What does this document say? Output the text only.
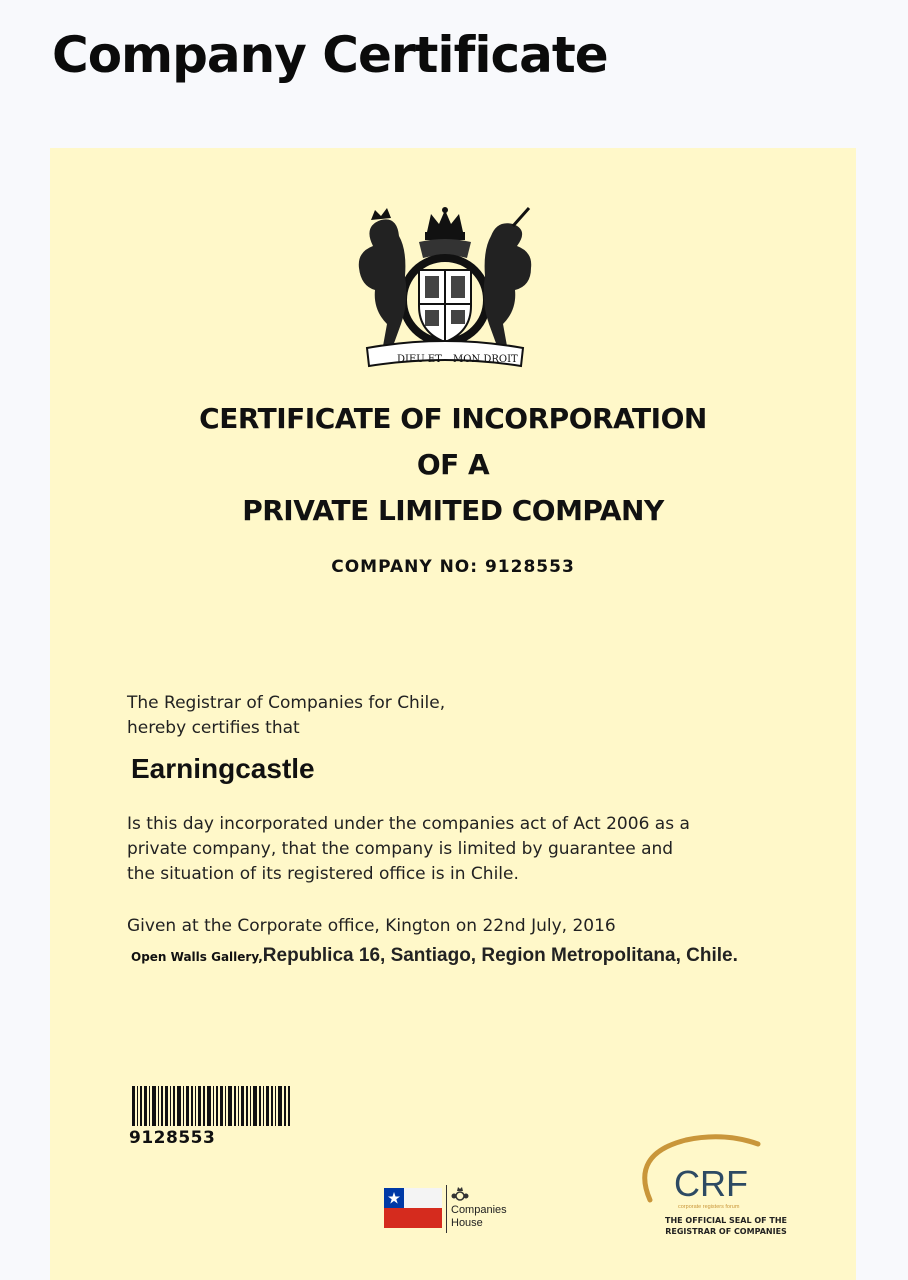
Company Certificate
DIEU ET MON DROIT
CERTIFICATE OF INCORPORATION
OF A
PRIVATE LIMITED COMPANY
COMPANY NO: 9128553
The Registrar of Companies for Chile,
hereby certifies that
Earningcastle
Is this day incorporated under the companies act of Act 2006 as a
private company, that the company is limited by guarantee and
the situation of its registered office is in Chile.
Given at the Corporate office, Kington on 22nd July, 2016
Open Walls Gallery,Republica 16, Santiago, Region Metropolitana, Chile.
9128553
Companies
House
CRF
corporate registers forum
THE OFFICIAL SEAL OF THE
REGISTRAR OF COMPANIES
